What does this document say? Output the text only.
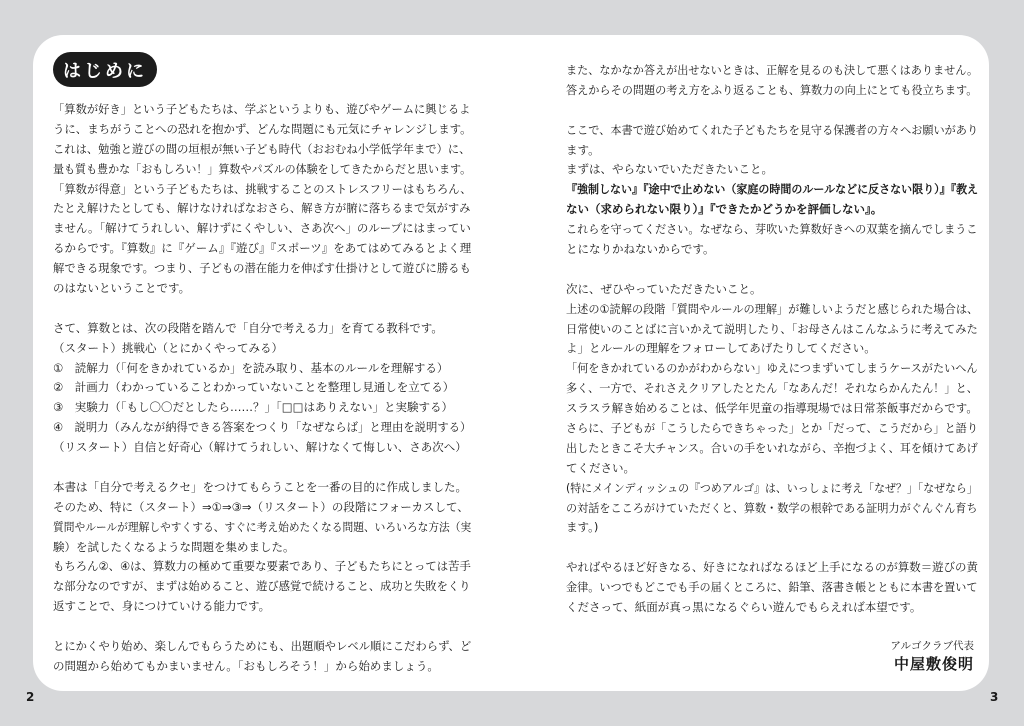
はじめに
「算数が好き」という子どもたちは、学ぶというよりも、遊びやゲームに興じるよ
うに、まちがうことへの恐れを抱かず、どんな問題にも元気にチャレンジします。
これは、勉強と遊びの間の垣根が無い子ども時代（おおむね小学低学年まで）に、
量も質も豊かな「おもしろい！」算数やパズルの体験をしてきたからだと思います。
「算数が得意」という子どもたちは、挑戦することのストレスフリーはもちろん、
たとえ解けたとしても、解けなければなおさら、解き方が腑に落ちるまで気がすみ
ません。「解けてうれしい、解けずにくやしい、さあ次へ」のループにはまってい
るからです。『算数』に『ゲーム』『遊び』『スポーツ』をあてはめてみるとよく理
解できる現象です。つまり、子どもの潜在能力を伸ばす仕掛けとして遊びに勝るも
のはないということです。
さて、算数とは、次の段階を踏んで「自分で考える力」を育てる教科です。
（スタート）挑戦心（とにかくやってみる）
①　読解力（「何をきかれているか」を読み取り、基本のルールを理解する）
②　計画力（わかっていることわかっていないことを整理し見通しを立てる）
③　実験力（「もし〇〇だとしたら……？」「□□はありえない」と実験する）
④　説明力（みんなが納得できる答案をつくり「なぜならば」と理由を説明する）
（リスタート）自信と好奇心（解けてうれしい、解けなくて悔しい、さあ次へ）
本書は「自分で考えるクセ」をつけてもらうことを一番の目的に作成しました。
そのため、特に（スタート）⇒①⇒③⇒（リスタート）の段階にフォーカスして、
質問やルールが理解しやすくする、すぐに考え始めたくなる問題、いろいろな方法（実
験）を試したくなるような問題を集めました。
もちろん②、④は、算数力の極めて重要な要素であり、子どもたちにとっては苦手
な部分なのですが、まずは始めること、遊び感覚で続けること、成功と失敗をくり
返すことで、身につけていける能力です。
とにかくやり始め、楽しんでもらうためにも、出題順やレベル順にこだわらず、ど
の問題から始めてもかまいません。「おもしろそう！」から始めましょう。
また、なかなか答えが出せないときは、正解を見るのも決して悪くはありません。
答えからその問題の考え方をふり返ることも、算数力の向上にとても役立ちます。
ここで、本書で遊び始めてくれた子どもたちを見守る保護者の方々へお願いがあり
ます。
まずは、やらないでいただきたいこと。
『強制しない』『途中で止めない（家庭の時間のルールなどに反さない限り）』『教え
ない（求められない限り）』『できたかどうかを評価しない』。
これらを守ってください。なぜなら、芽吹いた算数好きへの双葉を摘んでしまうこ
とになりかねないからです。
次に、ぜひやっていただきたいこと。
上述の①読解の段階「質問やルールの理解」が難しいようだと感じられた場合は、
日常使いのことばに言いかえて説明したり、「お母さんはこんなふうに考えてみた
よ」とルールの理解をフォローしてあげたりしてください。
「何をきかれているのかがわからない」ゆえにつまずいてしまうケースがたいへん
多く、一方で、それさえクリアしたとたん「なあんだ！それならかんたん！」と、
スラスラ解き始めることは、低学年児童の指導現場では日常茶飯事だからです。
さらに、子どもが「こうしたらできちゃった」とか「だって、こうだから」と語り
出したときこそ大チャンス。合いの手をいれながら、辛抱づよく、耳を傾けてあげ
てください。
(特にメインディッシュの『つめアルゴ』は、いっしょに考え「なぜ？」「なぜなら」
の対話をこころがけていただくと、算数・数学の根幹である証明力がぐんぐん育ち
ます。)
やればやるほど好きなる、好きになればなるほど上手になるのが算数＝遊びの黄
金律。いつでもどこでも手の届くところに、鉛筆、落書き帳とともに本書を置いて
くださって、紙面が真っ黒になるぐらい遊んでもらえれば本望です。
アルゴクラブ代表
中屋敷俊明
2	3
